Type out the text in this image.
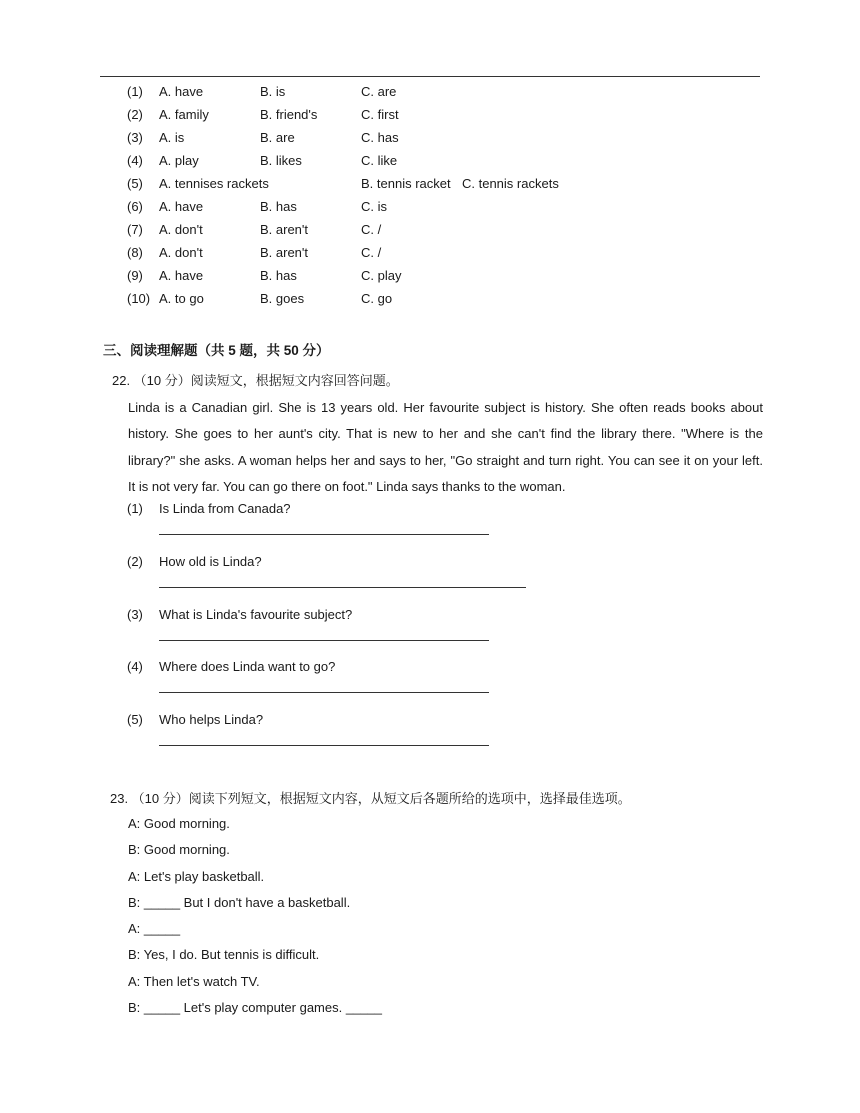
(1) A. have	B. is	C. are
(2) A. family	B. friend's	C. first
(3) A. is	B. are	C. has
(4) A. play	B. likes	C. like
(5) A. tennises rackets	B. tennis racket C. tennis rackets
(6) A. have	B. has	C. is
(7) A. don't	B. aren't	C. /
(8) A. don't	B. aren't	C. /
(9) A. have	B. has	C. play
(10) A. to go	B. goes	C. go
三、阅读理解题（共 5 题，共 50 分）
22. （10 分）阅读短文，根据短文内容回答问题。
Linda is a Canadian girl. She is 13 years old. Her favourite subject is history. She often reads books about history. She goes to her aunt's city. That is new to her and she can't find the library there. "Where is the library?" she asks. A woman helps her and says to her, "Go straight and turn right. You can see it on your left. It is not very far. You can go there on foot." Linda says thanks to the woman.
(1) Is Linda from Canada?
(2) How old is Linda?
(3) What is Linda's favourite subject?
(4) Where does Linda want to go?
(5) Who helps Linda?
23. （10 分）阅读下列短文，根据短文内容，从短文后各题所给的选项中，选择最佳选项。
A: Good morning.
B: Good morning.
A: Let's play basketball.
B: _____ But I don't have a basketball.
A: _____
B: Yes, I do. But tennis is difficult.
A: Then let's watch TV.
B: _____ Let's play computer games. _____
